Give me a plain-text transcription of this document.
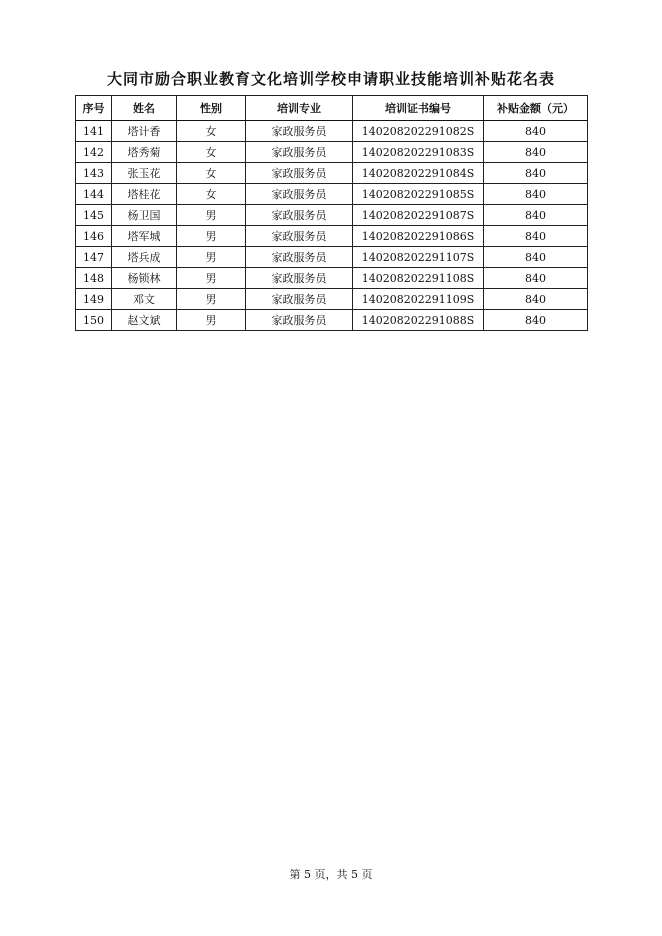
大同市励合职业教育文化培训学校申请职业技能培训补贴花名表
序号	姓名	性别	培训专业	培训证书编号	补贴金额（元）
141	塔计香	女	家政服务员	140208202291082S	840
142	塔秀菊	女	家政服务员	140208202291083S	840
143	张玉花	女	家政服务员	140208202291084S	840
144	塔桂花	女	家政服务员	140208202291085S	840
145	杨卫国	男	家政服务员	140208202291087S	840
146	塔军城	男	家政服务员	140208202291086S	840
147	塔兵成	男	家政服务员	140208202291107S	840
148	杨锁林	男	家政服务员	140208202291108S	840
149	邓文	男	家政服务员	140208202291109S	840
150	赵文斌	男	家政服务员	140208202291088S	840
第 5 页，共 5 页
